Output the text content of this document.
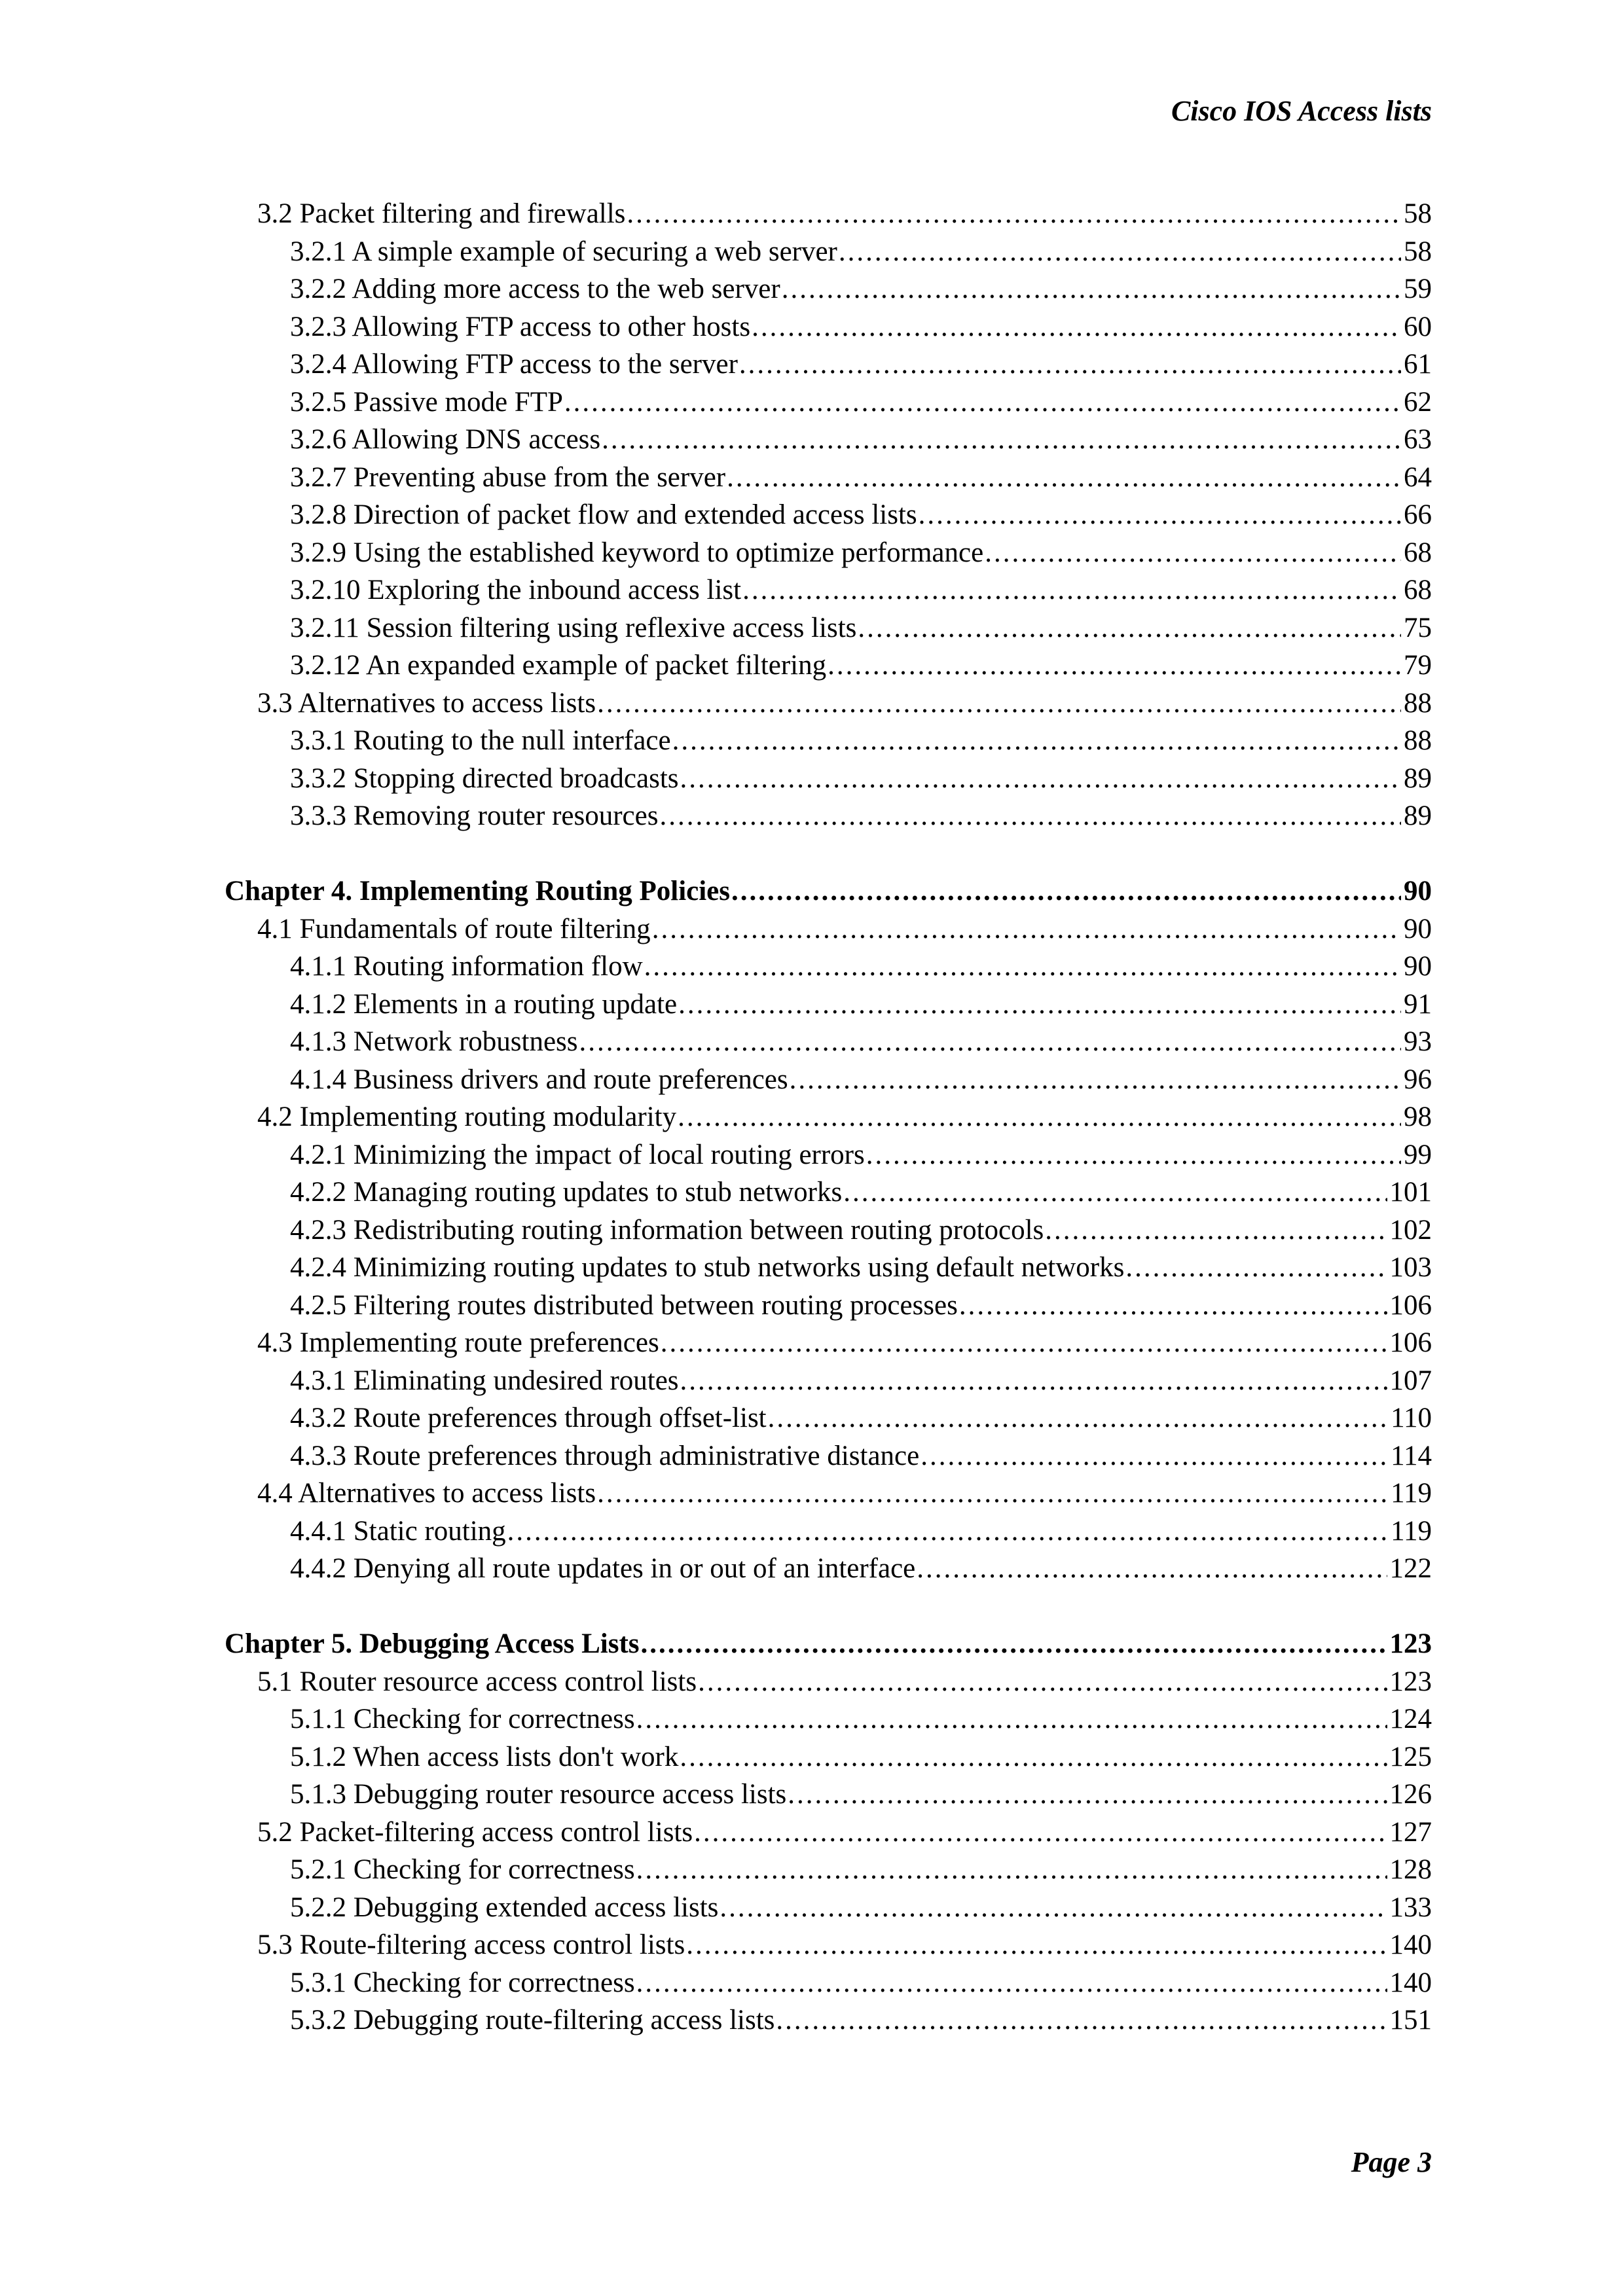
Cisco IOS Access lists
3.2 Packet filtering and firewalls .....	58
3.2.1 A simple example of securing a web server .....	58
3.2.2 Adding more access to the web server .....	59
3.2.3 Allowing FTP access to other hosts .....	60
3.2.4 Allowing FTP access to the server .....	61
3.2.5 Passive mode FTP .....	62
3.2.6 Allowing DNS access .....	63
3.2.7 Preventing abuse from the server .....	64
3.2.8 Direction of packet flow and extended access lists .....	66
3.2.9 Using the established keyword to optimize performance .....	68
3.2.10 Exploring the inbound access list .....	68
3.2.11 Session filtering using reflexive access lists .....	75
3.2.12 An expanded example of packet filtering .....	79
3.3 Alternatives to access lists .....	88
3.3.1 Routing to the null interface .....	88
3.3.2 Stopping directed broadcasts .....	89
3.3.3 Removing router resources .....	89
Chapter 4. Implementing Routing Policies .....	90
4.1 Fundamentals of route filtering .....	90
4.1.1 Routing information flow .....	90
4.1.2 Elements in a routing update .....	91
4.1.3 Network robustness .....	93
4.1.4 Business drivers and route preferences .....	96
4.2 Implementing routing modularity .....	98
4.2.1 Minimizing the impact of local routing errors .....	99
4.2.2 Managing routing updates to stub networks .....	101
4.2.3 Redistributing routing information between routing protocols .....	102
4.2.4 Minimizing routing updates to stub networks using default networks .....	103
4.2.5 Filtering routes distributed between routing processes .....	106
4.3 Implementing route preferences .....	106
4.3.1 Eliminating undesired routes .....	107
4.3.2 Route preferences through offset-list .....	110
4.3.3 Route preferences through administrative distance .....	114
4.4 Alternatives to access lists .....	119
4.4.1 Static routing .....	119
4.4.2 Denying all route updates in or out of an interface .....	122
Chapter 5. Debugging Access Lists .....	123
5.1 Router resource access control lists .....	123
5.1.1 Checking for correctness .....	124
5.1.2 When access lists don't work .....	125
5.1.3 Debugging router resource access lists .....	126
5.2 Packet-filtering access control lists .....	127
5.2.1 Checking for correctness .....	128
5.2.2 Debugging extended access lists .....	133
5.3 Route-filtering access control lists .....	140
5.3.1 Checking for correctness .....	140
5.3.2 Debugging route-filtering access lists .....	151
Page 3
